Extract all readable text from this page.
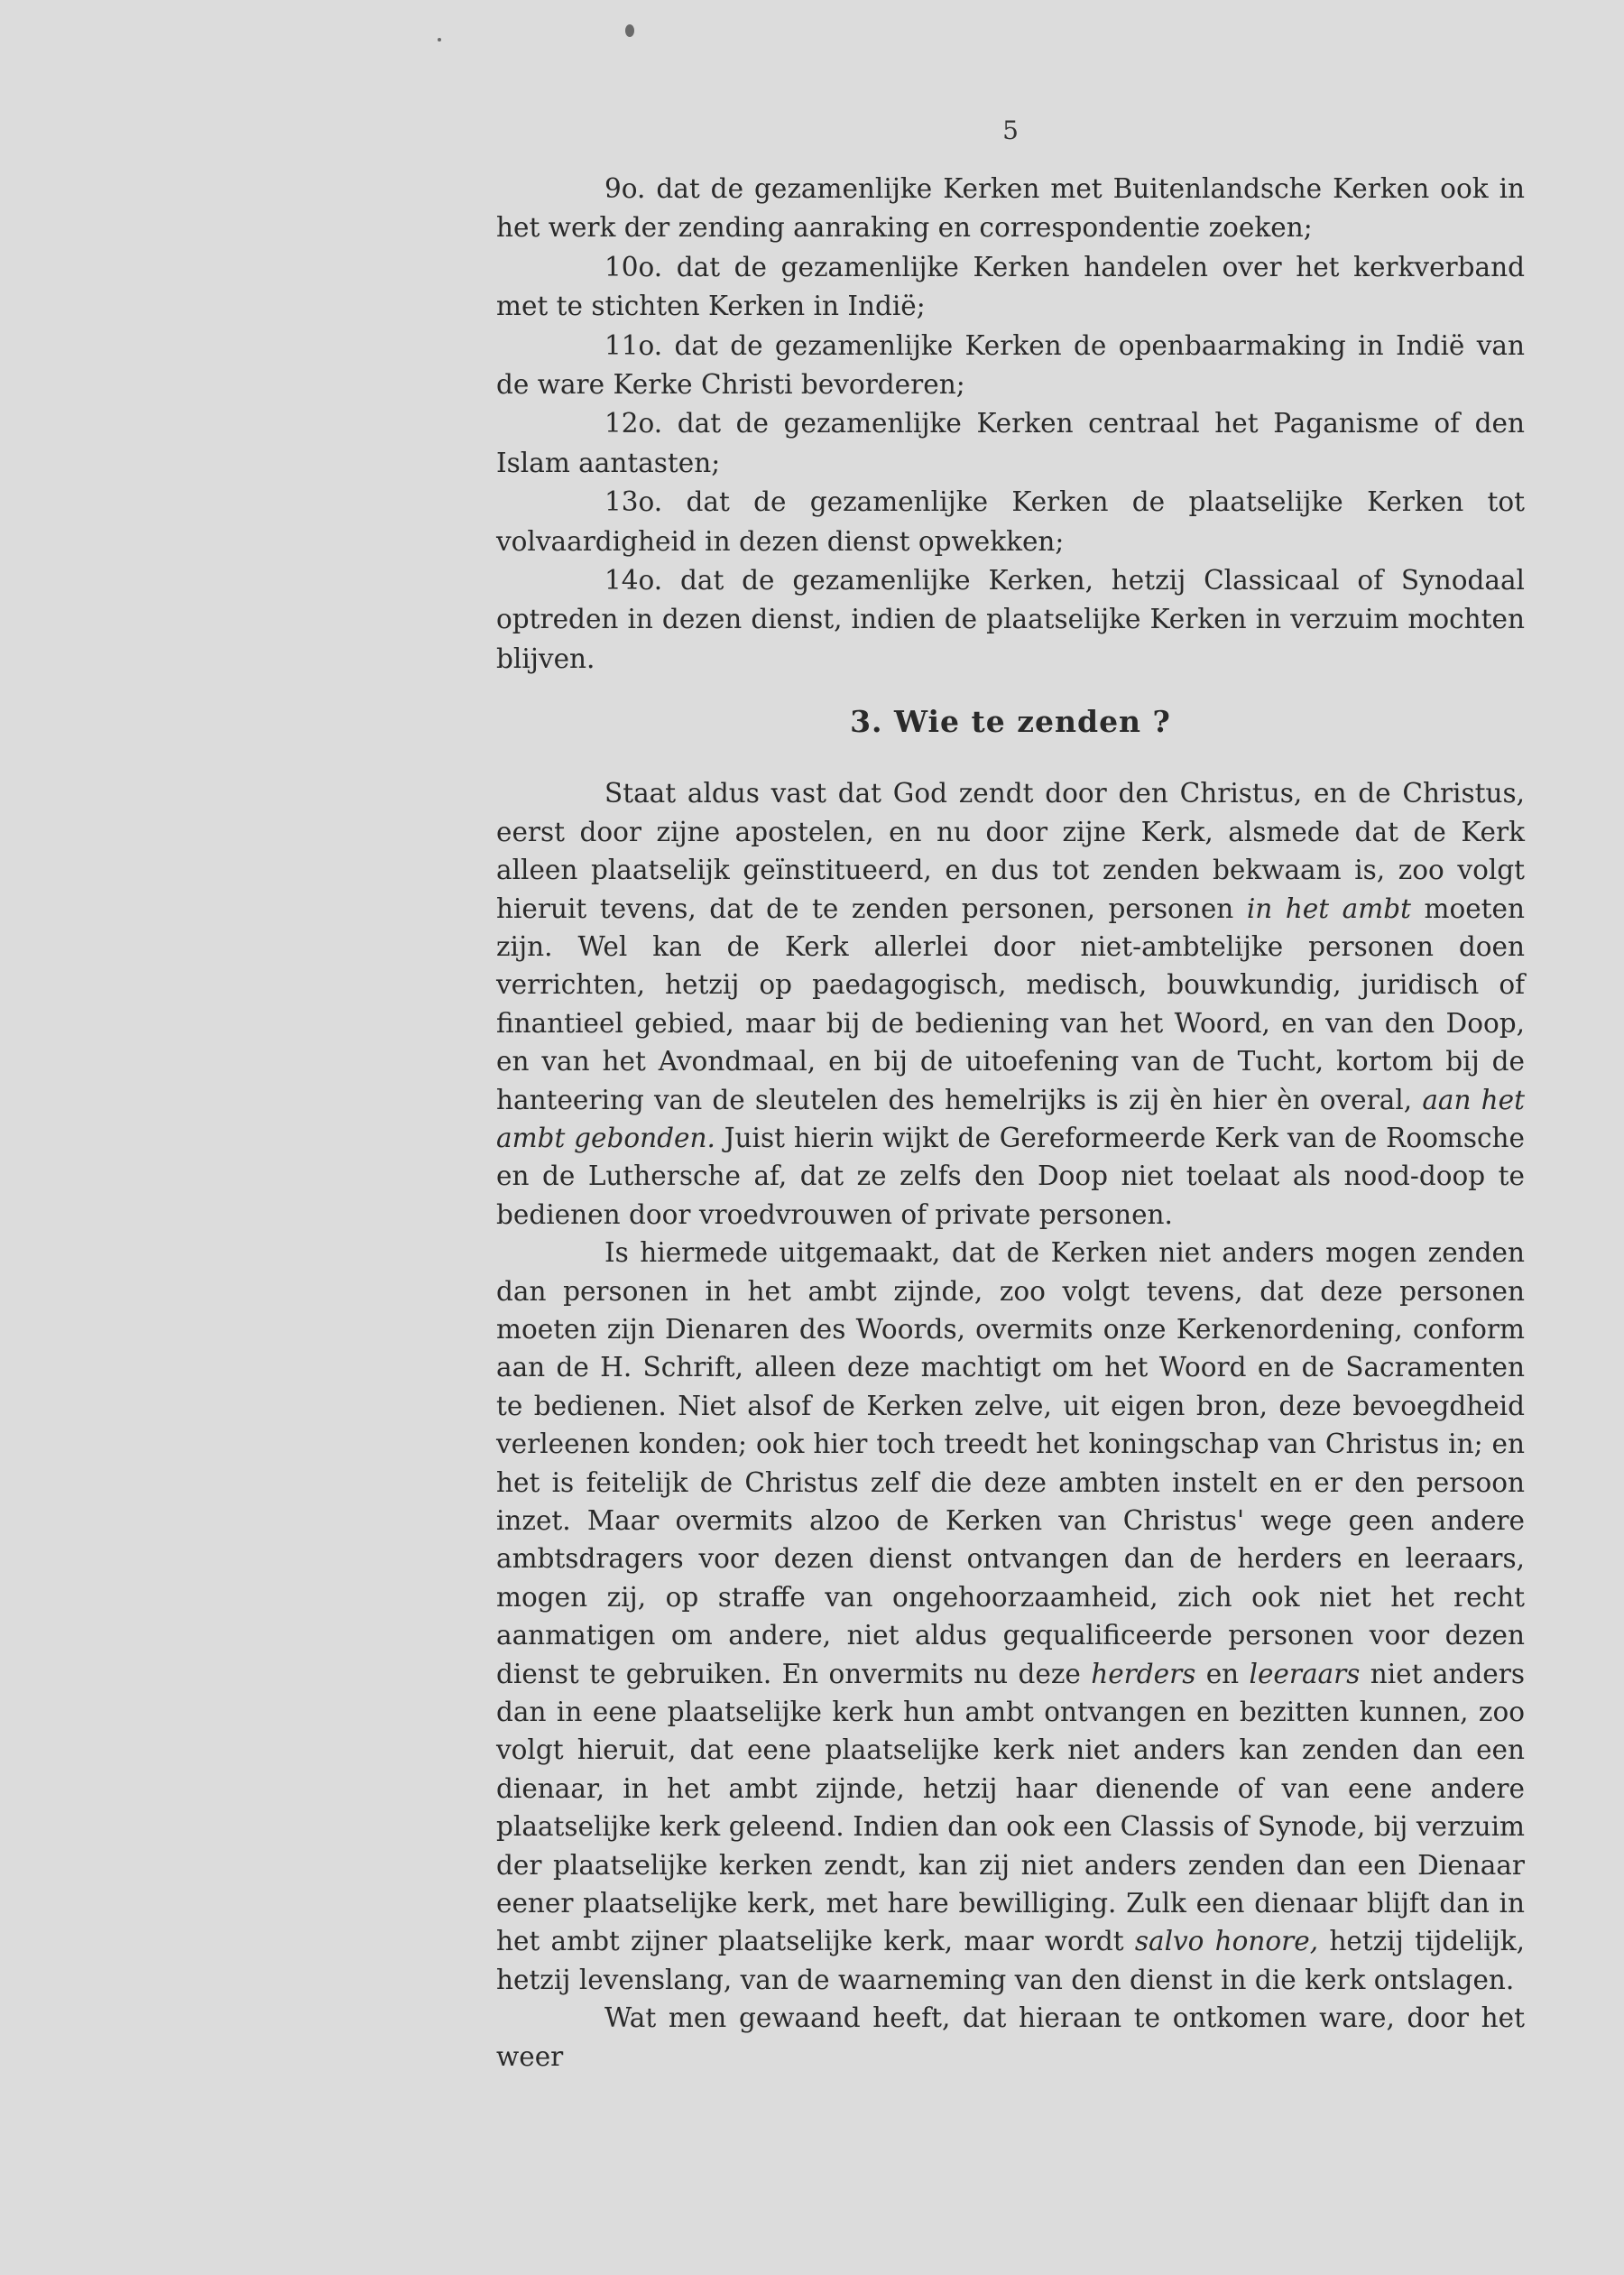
5

9o. dat de gezamenlijke Kerken met Buitenlandsche Kerken ook in het werk der zending aanraking en correspondentie zoeken;

10o. dat de gezamenlijke Kerken handelen over het kerkverband met te stichten Kerken in Indië;

11o. dat de gezamenlijke Kerken de openbaarmaking in Indië van de ware Kerke Christi bevorderen;

12o. dat de gezamenlijke Kerken centraal het Paganisme of den Islam aantasten;

13o. dat de gezamenlijke Kerken de plaatselijke Kerken tot volvaardigheid in dezen dienst opwekken;

14o. dat de gezamenlijke Kerken, hetzij Classicaal of Synodaal optreden in dezen dienst, indien de plaatselijke Kerken in verzuim mochten blijven.

3. Wie te zenden ?

Staat aldus vast dat God zendt door den Christus, en de Christus, eerst door zijne apostelen, en nu door zijne Kerk, alsmede dat de Kerk alleen plaatselijk geïnstitueerd, en dus tot zenden bekwaam is, zoo volgt hieruit tevens, dat de te zenden personen, personen in het ambt moeten zijn. Wel kan de Kerk allerlei door niet-ambtelijke personen doen verrichten, hetzij op paedagogisch, medisch, bouwkundig, juridisch of finantieel gebied, maar bij de bediening van het Woord, en van den Doop, en van het Avondmaal, en bij de uitoefening van de Tucht, kortom bij de hanteering van de sleutelen des hemelrijks is zij èn hier èn overal, aan het ambt gebonden. Juist hierin wijkt de Gereformeerde Kerk van de Roomsche en de Luthersche af, dat ze zelfs den Doop niet toelaat als nood-doop te bedienen door vroedvrouwen of private personen.

Is hiermede uitgemaakt, dat de Kerken niet anders mogen zenden dan personen in het ambt zijnde, zoo volgt tevens, dat deze personen moeten zijn Dienaren des Woords, overmits onze Kerkenordening, conform aan de H. Schrift, alleen deze machtigt om het Woord en de Sacramenten te bedienen. Niet alsof de Kerken zelve, uit eigen bron, deze bevoegdheid verleenen konden; ook hier toch treedt het koningschap van Christus in; en het is feitelijk de Christus zelf die deze ambten instelt en er den persoon inzet. Maar overmits alzoo de Kerken van Christus' wege geen andere ambtsdragers voor dezen dienst ontvangen dan de herders en leeraars, mogen zij, op straffe van ongehoorzaamheid, zich ook niet het recht aanmatigen om andere, niet aldus gequalificeerde personen voor dezen dienst te gebruiken. En onvermits nu deze herders en leeraars niet anders dan in eene plaatselijke kerk hun ambt ontvangen en bezitten kunnen, zoo volgt hieruit, dat eene plaatselijke kerk niet anders kan zenden dan een dienaar, in het ambt zijnde, hetzij haar dienende of van eene andere plaatselijke kerk geleend. Indien dan ook een Classis of Synode, bij verzuim der plaatselijke kerken zendt, kan zij niet anders zenden dan een Dienaar eener plaatselijke kerk, met hare bewilliging. Zulk een dienaar blijft dan in het ambt zijner plaatselijke kerk, maar wordt salvo honore, hetzij tijdelijk, hetzij levenslang, van de waarneming van den dienst in die kerk ontslagen.

Wat men gewaand heeft, dat hieraan te ontkomen ware, door het weer
